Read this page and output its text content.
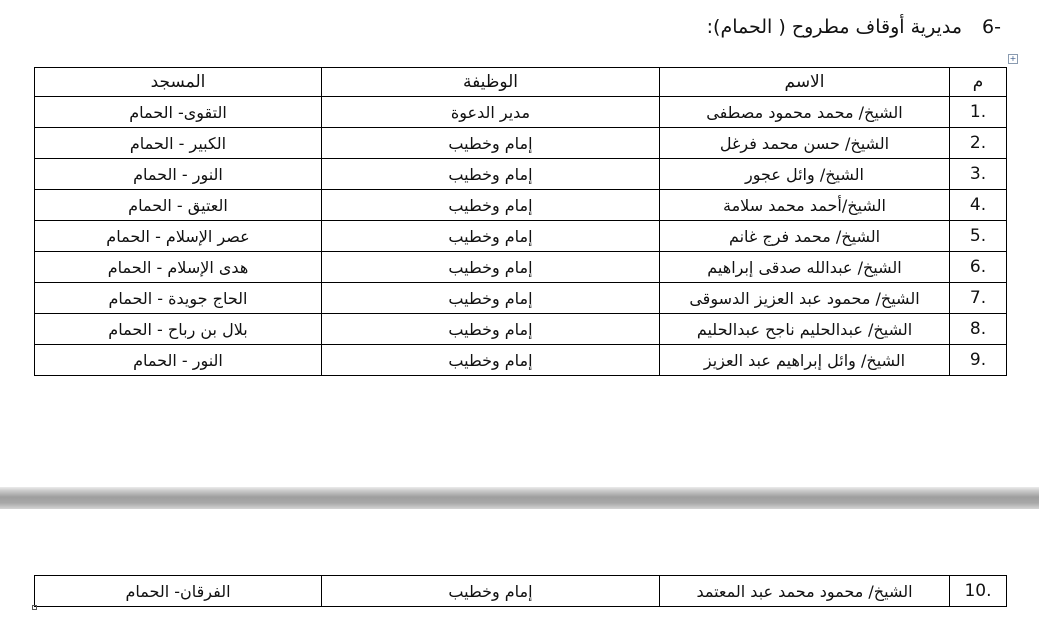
-6 مديرية أوقاف مطروح ( الحمام):
+
م	الاسم	الوظيفة	المسجد
1.	الشيخ/ محمد محمود مصطفى	مدير الدعوة	التقوى- الحمام
2.	الشيخ/ حسن محمد فرغل	إمام وخطيب	الكبير - الحمام
3.	الشيخ/ وائل عجور	إمام وخطيب	النور - الحمام
4.	الشيخ/أحمد محمد سلامة	إمام وخطيب	العتيق - الحمام
5.	الشيخ/ محمد فرج غانم	إمام وخطيب	عصر الإسلام - الحمام
6.	الشيخ/ عبدالله صدقى إبراهيم	إمام وخطيب	هدى الإسلام - الحمام
7.	الشيخ/ محمود عبد العزيز الدسوقى	إمام وخطيب	الحاج جويدة - الحمام
8.	الشيخ/ عبدالحليم ناجح عبدالحليم	إمام وخطيب	بلال بن رباح - الحمام
9.	الشيخ/ وائل إبراهيم عبد العزيز	إمام وخطيب	النور - الحمام
10.	الشيخ/ محمود محمد عبد المعتمد	إمام وخطيب	الفرقان- الحمام
